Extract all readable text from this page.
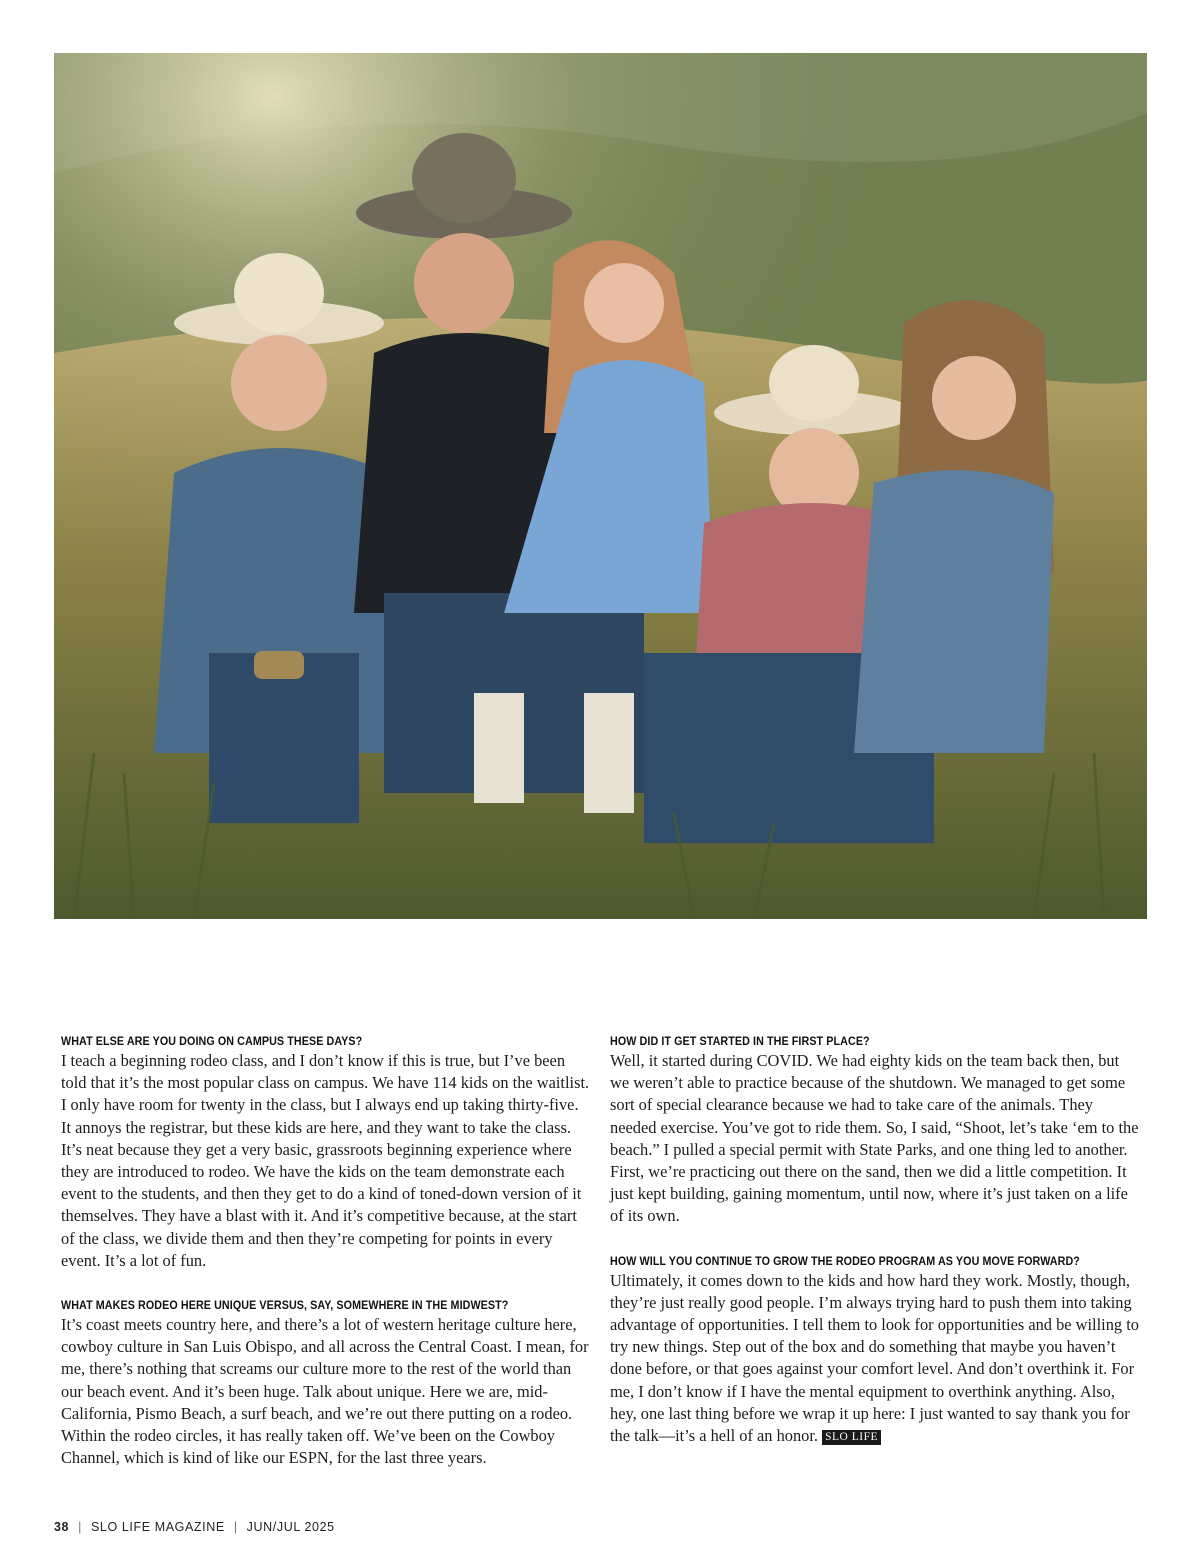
WHAT ELSE ARE YOU DOING ON CAMPUS THESE DAYS?

I teach a beginning rodeo class, and I don’t know if this is true, but I’ve been told that it’s the most popular class on campus. We have 114 kids on the waitlist. I only have room for twenty in the class, but I always end up taking thirty-five. It annoys the registrar, but these kids are here, and they want to take the class. It’s neat because they get a very basic, grassroots beginning experience where they are introduced to rodeo. We have the kids on the team demonstrate each event to the students, and then they get to do a kind of toned-down version of it themselves. They have a blast with it. And it’s competitive because, at the start of the class, we divide them and then they’re competing for points in every event. It’s a lot of fun.

WHAT MAKES RODEO HERE UNIQUE VERSUS, SAY, SOMEWHERE IN THE MIDWEST?

It’s coast meets country here, and there’s a lot of western heritage culture here, cowboy culture in San Luis Obispo, and all across the Central Coast. I mean, for me, there’s nothing that screams our culture more to the rest of the world than our beach event. And it’s been huge. Talk about unique. Here we are, mid-California, Pismo Beach, a surf beach, and we’re out there putting on a rodeo. Within the rodeo circles, it has really taken off. We’ve been on the Cowboy Channel, which is kind of like our ESPN, for the last three years.

HOW DID IT GET STARTED IN THE FIRST PLACE?

Well, it started during COVID. We had eighty kids on the team back then, but we weren’t able to practice because of the shutdown. We managed to get some sort of special clearance because we had to take care of the animals. They needed exercise. You’ve got to ride them. So, I said, “Shoot, let’s take ‘em to the beach.” I pulled a special permit with State Parks, and one thing led to another. First, we’re practicing out there on the sand, then we did a little competition. It just kept building, gaining momentum, until now, where it’s just taken on a life of its own.

HOW WILL YOU CONTINUE TO GROW THE RODEO PROGRAM AS YOU MOVE FORWARD?

Ultimately, it comes down to the kids and how hard they work. Mostly, though, they’re just really good people. I’m always trying hard to push them into taking advantage of opportunities. I tell them to look for opportunities and be willing to try new things. Step out of the box and do something that maybe you haven’t done before, or that goes against your comfort level. And don’t overthink it. For me, I don’t know if I have the mental equipment to overthink anything. Also, hey, one last thing before we wrap it up here: I just wanted to say thank you for the talk—it’s a hell of an honor. SLO LIFE

38 | SLO LIFE MAGAZINE | JUN/JUL 2025
